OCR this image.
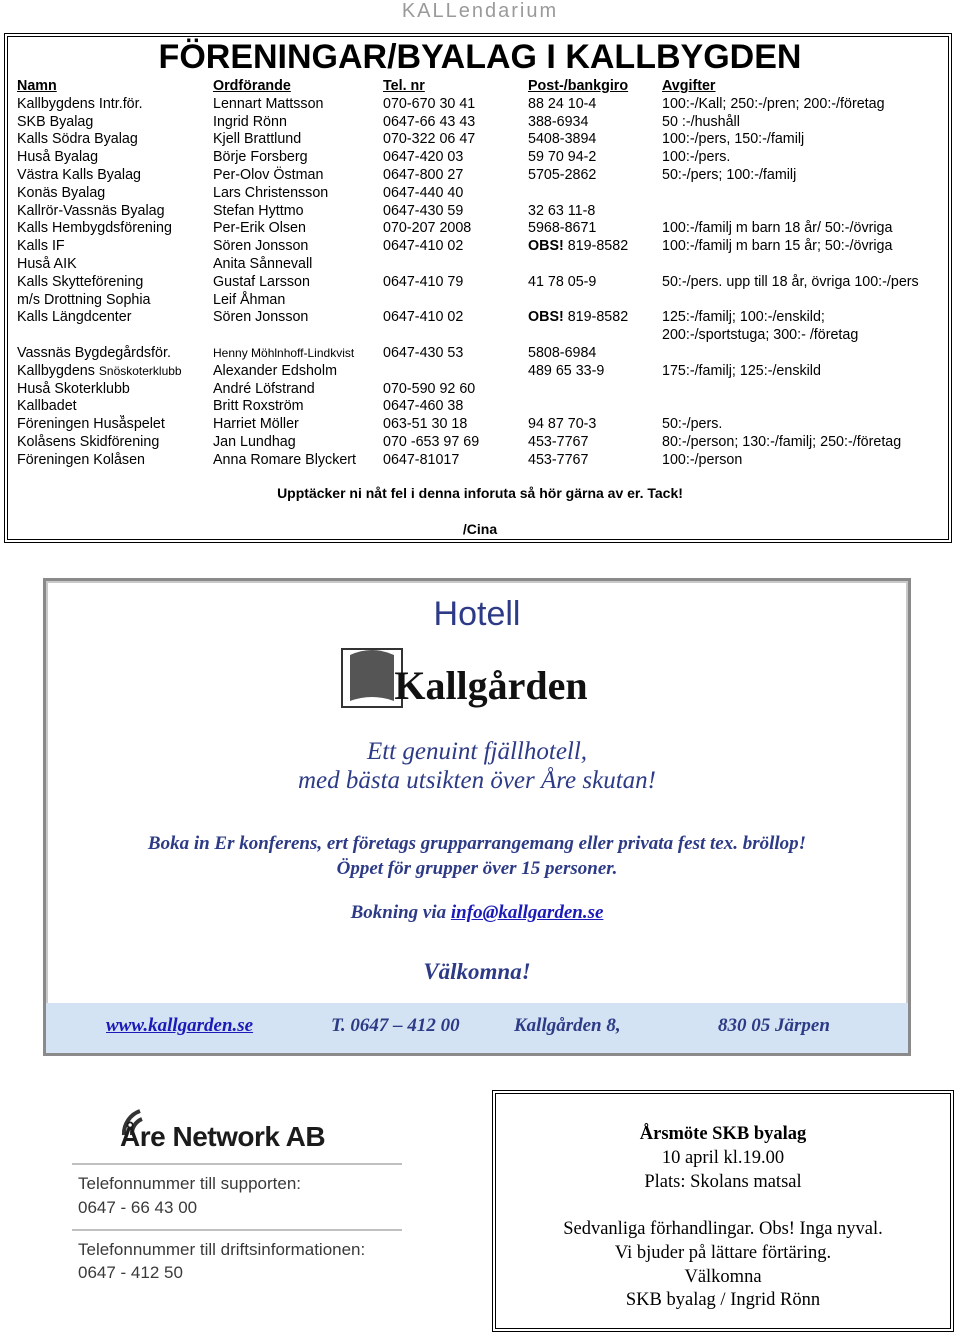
KALLendarium
FÖRENINGAR/BYALAG I KALLBYGDEN
Namn	Ordförande	Tel. nr	Post-/bankgiro	Avgifter
Kallbygdens Intr.för.	Lennart Mattsson	070-670 30 41	88 24 10-4	100:-/Kall; 250:-/pren; 200:-/företag
SKB Byalag	Ingrid Rönn	0647-66 43 43	388-6934	50 :-/hushåll
Kalls Södra Byalag	Kjell Brattlund	070-322 06 47	5408-3894	100:-/pers, 150:-/familj
Huså Byalag	Börje Forsberg	0647-420 03	59 70 94-2	100:-/pers.
Västra Kalls Byalag	Per-Olov Östman	0647-800 27	5705-2862	50:-/pers; 100:-/familj
Konäs Byalag	Lars Christensson	0647-440 40		
Kallrör-Vassnäs Byalag	Stefan Hyttmo	0647-430 59	32 63 11-8	
Kalls Hembygdsförening	Per-Erik Olsen	070-207 2008	5968-8671	100:-/familj m barn 18 år/ 50:-/övriga
Kalls IF	Sören Jonsson	0647-410 02	OBS! 819-8582	100:-/familj m barn 15 år; 50:-/övriga
Huså AIK	Anita Sånnevall			
Kalls Skytteförening	Gustaf Larsson	0647-410 79	41 78 05-9	50:-/pers. upp till 18 år, övriga 100:-/pers
m/s Drottning Sophia	Leif Åhman			
Kalls Längdcenter	Sören Jonsson	0647-410 02	OBS! 819-8582	125:-/familj; 100:-/enskild;
				200:-/sportstuga; 300:- /företag
Vassnäs Bygdegårdsför.	Henny Möhlnhoff-Lindkvist	0647-430 53	5808-6984	
Kallbygdens Snöskoterklubb	Alexander Edsholm		489 65 33-9	175:-/familj; 125:-/enskild
Huså Skoterklubb	André Löfstrand	070-590 92 60		
Kallbadet	Britt Roxström	0647-460 38		
Föreningen Huså̈spelet	Harriet Möller	063-51 30 18	94 87 70-3	50:-/pers.
Kolåsens Skidförening	Jan Lundhag	070 -653 97 69	453-7767	80:-/person; 130:-/familj; 250:-/företag
Föreningen Kolåsen	Anna Romare Blyckert	0647-81017	453-7767	100:-/person
Upptäcker ni nåt fel i denna inforuta så hör gärna av er. Tack!
/Cina
Hotell
Kallgården
Ett genuint fjällhotell,
med bästa utsikten över Åre skutan!
Boka in Er konferens, ert företags grupparrangemang eller privata fest tex. bröllop!
Öppet för grupper över 15 personer.
Bokning via info@kallgarden.se
Välkomna!
www.kallgarden.se	T. 0647 – 412 00	Kallgården 8,	830 05 Järpen
Åre Network AB
Telefonnummer till supporten:
0647 - 66 43 00
Telefonnummer till driftsinformationen:
0647 - 412 50
Årsmöte SKB byalag
10 april kl.19.00
Plats: Skolans matsal
Sedvanliga förhandlingar. Obs! Inga nyval.
Vi bjuder på lättare förtäring.
Välkomna
SKB byalag / Ingrid Rönn
